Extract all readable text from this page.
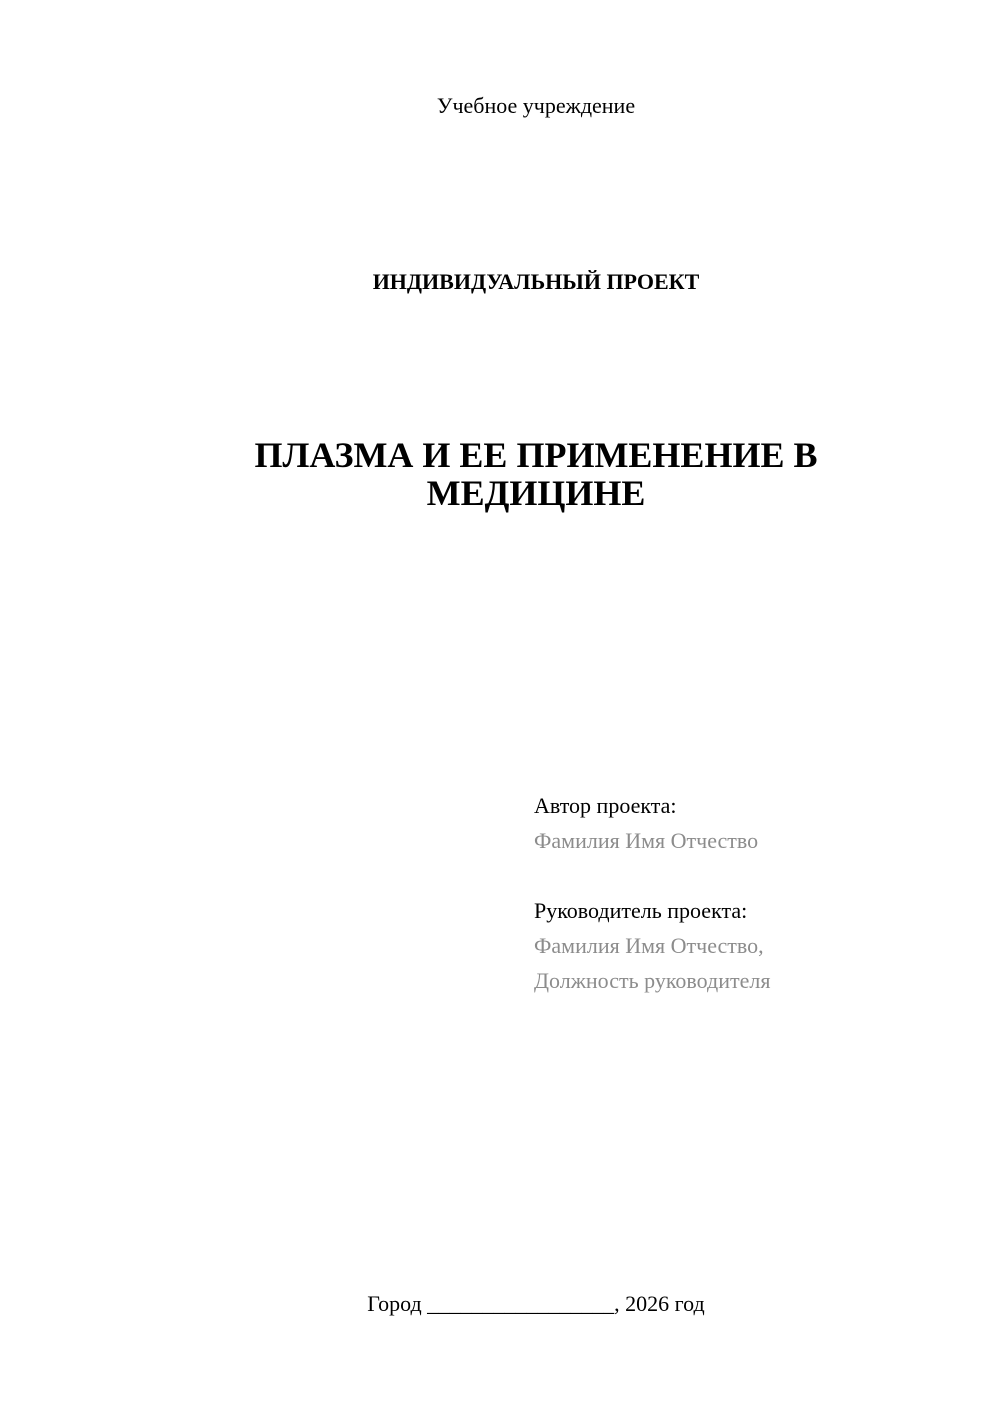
Учебное учреждение
ИНДИВИДУАЛЬНЫЙ ПРОЕКТ
ПЛАЗМА И ЕЕ ПРИМЕНЕНИЕ В
МЕДИЦИНЕ
Автор проекта:
Фамилия Имя Отчество
Руководитель проекта:
Фамилия Имя Отчество,
Должность руководителя
Город _________________, 2026 год
